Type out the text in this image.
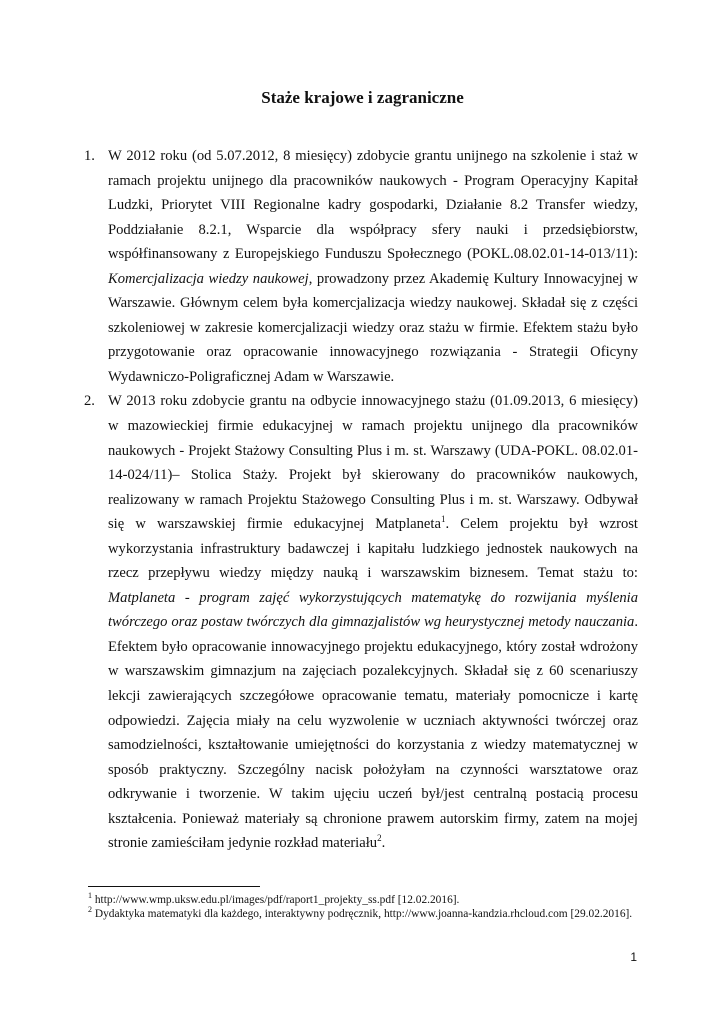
Staże krajowe i zagraniczne
1. W 2012 roku (od 5.07.2012, 8 miesięcy) zdobycie grantu unijnego na szkolenie i staż w ramach projektu unijnego dla pracowników naukowych - Program Operacyjny Kapitał Ludzki, Priorytet VIII Regionalne kadry gospodarki, Działanie 8.2 Transfer wiedzy, Poddziałanie 8.2.1, Wsparcie dla współpracy sfery nauki i przedsiębiorstw, współfinansowany z Europejskiego Funduszu Społecznego (POKL.08.02.01-14-013/11): Komercjalizacja wiedzy naukowej, prowadzony przez Akademię Kultury Innowacyjnej w Warszawie. Głównym celem była komercjalizacja wiedzy naukowej. Składał się z części szkoleniowej w zakresie komercjalizacji wiedzy oraz stażu w firmie. Efektem stażu było przygotowanie oraz opracowanie innowacyjnego rozwiązania - Strategii Oficyny Wydawniczo-Poligraficznej Adam w Warszawie.
2. W 2013 roku zdobycie grantu na odbycie innowacyjnego stażu (01.09.2013, 6 miesięcy) w mazowieckiej firmie edukacyjnej w ramach projektu unijnego dla pracowników naukowych - Projekt Stażowy Consulting Plus i m. st. Warszawy (UDA-POKL. 08.02.01-14-024/11)– Stolica Staży. Projekt był skierowany do pracowników naukowych, realizowany w ramach Projektu Stażowego Consulting Plus i m. st. Warszawy. Odbywał się w warszawskiej firmie edukacyjnej Matplaneta$^1$. Celem projektu był wzrost wykorzystania infrastruktury badawczej i kapitału ludzkiego jednostek naukowych na rzecz przepływu wiedzy między nauką i warszawskim biznesem. Temat stażu to: Matplaneta - program zajęć wykorzystujących matematykę do rozwijania myślenia twórczego oraz postaw twórczych dla gimnazjalistów wg heurystycznej metody nauczania. Efektem było opracowanie innowacyjnego projektu edukacyjnego, który został wdrożony w warszawskim gimnazjum na zajęciach pozalekcyjnych. Składał się z 60 scenariuszy lekcji zawierających szczegółowe opracowanie tematu, materiały pomocnicze i kartę odpowiedzi. Zajęcia miały na celu wyzwolenie w uczniach aktywności twórczej oraz samodzielności, kształtowanie umiejętności do korzystania z wiedzy matematycznej w sposób praktyczny. Szczególny nacisk położyłam na czynności warsztatowe oraz odkrywanie i tworzenie. W takim ujęciu uczeń był/jest centralną postacią procesu kształcenia. Ponieważ materiały są chronione prawem autorskim firmy, zatem na mojej stronie zamieściłam jedynie rozkład materiału$^2$.

$^1$ http://www.wmp.uksw.edu.pl/images/pdf/raport1_projekty_ss.pdf [12.02.2016].

$^2$ Dydaktyka matematyki dla każdego, interaktywny podręcznik, http://www.joanna-kandzia.rhcloud.com [29.02.2016].

1
